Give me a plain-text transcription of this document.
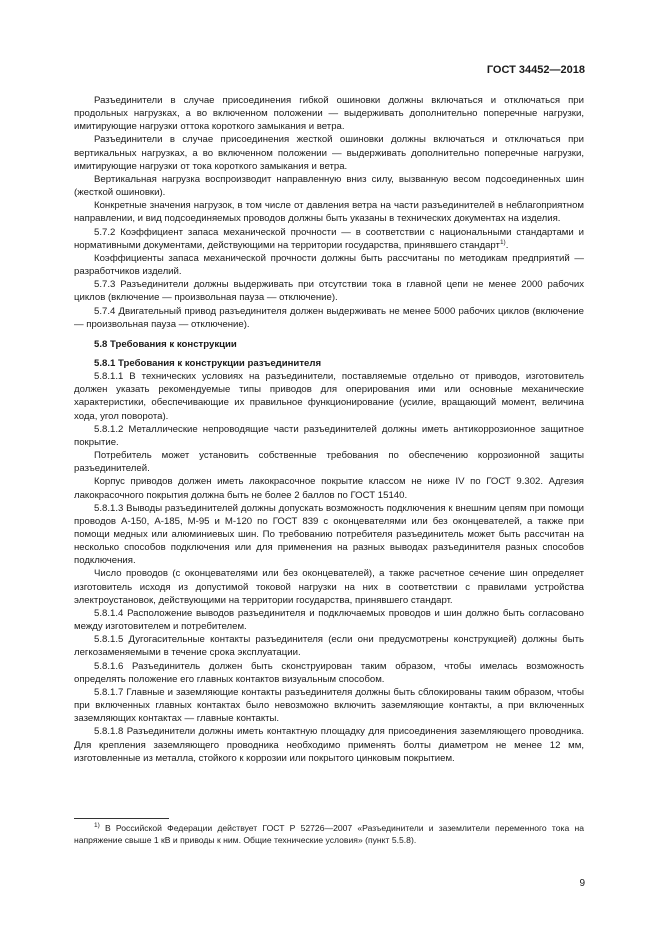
ГОСТ 34452—2018

Разъединители в случае присоединения гибкой ошиновки должны включаться и отключаться при продольных нагрузках, а во включенном положении — выдерживать дополнительно поперечные нагрузки, имитирующие нагрузки оттока короткого замыкания и ветра.

Разъединители в случае присоединения жесткой ошиновки должны включаться и отключаться при вертикальных нагрузках, а во включенном положении — выдерживать дополнительно поперечные нагрузки, имитирующие нагрузки от тока короткого замыкания и ветра.

Вертикальная нагрузка воспроизводит направленную вниз силу, вызванную весом подсоединенных шин (жесткой ошиновки).

Конкретные значения нагрузок, в том числе от давления ветра на части разъединителей в неблагоприятном направлении, и вид подсоединяемых проводов должны быть указаны в технических документах на изделия.

5.7.2 Коэффициент запаса механической прочности — в соответствии с национальными стандартами и нормативными документами, действующими на территории государства, принявшего стандарт$^{1)}$.

Коэффициенты запаса механической прочности должны быть рассчитаны по методикам предприятий — разработчиков изделий.

5.7.3 Разъединители должны выдерживать при отсутствии тока в главной цепи не менее 2000 рабочих циклов (включение — произвольная пауза — отключение).

5.7.4 Двигательный привод разъединителя должен выдерживать не менее 5000 рабочих циклов (включение — произвольная пауза — отключение).

5.8 Требования к конструкции
5.8.1 Требования к конструкции разъединителя

5.8.1.1 В технических условиях на разъединители, поставляемые отдельно от приводов, изготовитель должен указать рекомендуемые типы приводов для оперирования ими или основные механические характеристики, обеспечивающие их правильное функционирование (усилие, вращающий момент, величина хода, угол поворота).

5.8.1.2 Металлические непроводящие части разъединителей должны иметь антикоррозионное защитное покрытие.

Потребитель может установить собственные требования по обеспечению коррозионной защиты разъединителей.

Корпус приводов должен иметь лакокрасочное покрытие классом не ниже IV по ГОСТ 9.302. Адгезия лакокрасочного покрытия должна быть не более 2 баллов по ГОСТ 15140.

5.8.1.3 Выводы разъединителей должны допускать возможность подключения к внешним цепям при помощи проводов А-150, А-185, М-95 и М-120 по ГОСТ 839 с оконцевателями или без оконцевателей, а также при помощи медных или алюминиевых шин. По требованию потребителя разъединитель может быть рассчитан на несколько способов подключения или для применения на разных выводах разъединителя разных способов подключения.

Число проводов (с оконцевателями или без оконцевателей), а также расчетное сечение шин определяет изготовитель исходя из допустимой токовой нагрузки на них в соответствии с правилами устройства электроустановок, действующими на территории государства, принявшего стандарт.

5.8.1.4 Расположение выводов разъединителя и подключаемых проводов и шин должно быть согласовано между изготовителем и потребителем.

5.8.1.5 Дугогасительные контакты разъединителя (если они предусмотрены конструкцией) должны быть легкозаменяемыми в течение срока эксплуатации.

5.8.1.6 Разъединитель должен быть сконструирован таким образом, чтобы имелась возможность определять положение его главных контактов визуальным способом.

5.8.1.7 Главные и заземляющие контакты разъединителя должны быть сблокированы таким образом, чтобы при включенных главных контактах было невозможно включить заземляющие контакты, а при включенных заземляющих контактах — главные контакты.

5.8.1.8 Разъединители должны иметь контактную площадку для присоединения заземляющего проводника. Для крепления заземляющего проводника необходимо применять болты диаметром не менее 12 мм, изготовленные из металла, стойкого к коррозии или покрытого цинковым покрытием.

$^{1)}$ В Российской Федерации действует ГОСТ Р 52726—2007 «Разъединители и заземлители переменного тока на напряжение свыше 1 кВ и приводы к ним. Общие технические условия» (пункт 5.5.8).

9
